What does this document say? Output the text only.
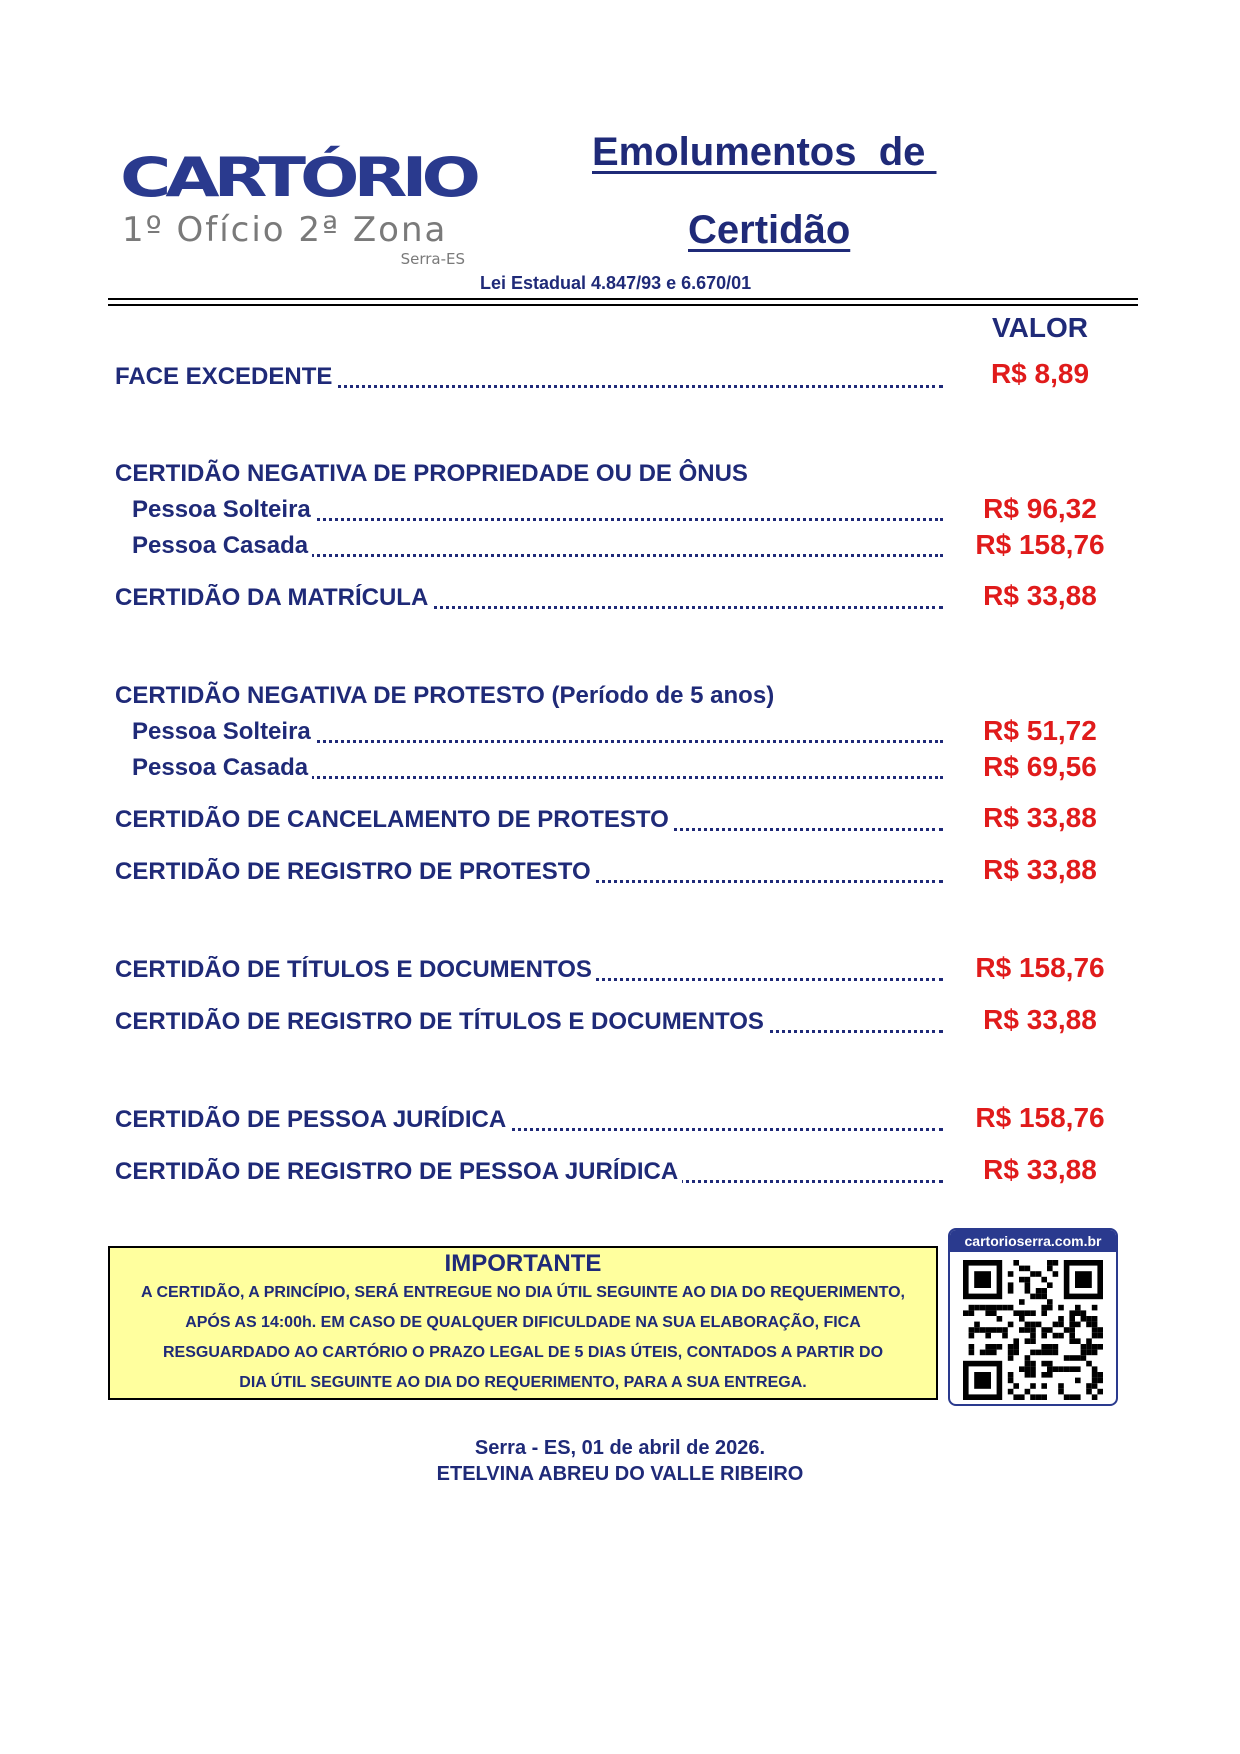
CARTÓRIO
1º Ofício 2ª Zona
Serra-ES
Emolumentos  de
Certidão
Lei Estadual 4.847/93 e 6.670/01
VALOR
FACE EXCEDENTE	R$ 8,89
CERTIDÃO NEGATIVA DE PROPRIEDADE OU DE ÔNUS
Pessoa Solteira	R$ 96,32
Pessoa Casada	R$ 158,76
CERTIDÃO DA MATRÍCULA	R$ 33,88
CERTIDÃO NEGATIVA DE PROTESTO (Período de 5 anos)
Pessoa Solteira	R$ 51,72
Pessoa Casada	R$ 69,56
CERTIDÃO DE CANCELAMENTO DE PROTESTO	R$ 33,88
CERTIDÃO DE REGISTRO DE PROTESTO	R$ 33,88
CERTIDÃO DE TÍTULOS E DOCUMENTOS	R$ 158,76
CERTIDÃO DE REGISTRO DE TÍTULOS E DOCUMENTOS	R$ 33,88
CERTIDÃO DE PESSOA JURÍDICA	R$ 158,76
CERTIDÃO DE REGISTRO DE PESSOA JURÍDICA	R$ 33,88
IMPORTANTE
A CERTIDÃO, A PRINCÍPIO, SERÁ ENTREGUE NO DIA ÚTIL SEGUINTE AO DIA DO REQUERIMENTO,
APÓS AS 14:00h. EM CASO DE QUALQUER DIFICULDADE NA SUA ELABORAÇÃO, FICA
RESGUARDADO AO CARTÓRIO O PRAZO LEGAL DE 5 DIAS ÚTEIS, CONTADOS A PARTIR DO
DIA ÚTIL SEGUINTE AO DIA DO REQUERIMENTO, PARA A SUA ENTREGA.
cartorioserra.com.br
Serra - ES, 01 de abril de 2026.
ETELVINA ABREU DO VALLE RIBEIRO
